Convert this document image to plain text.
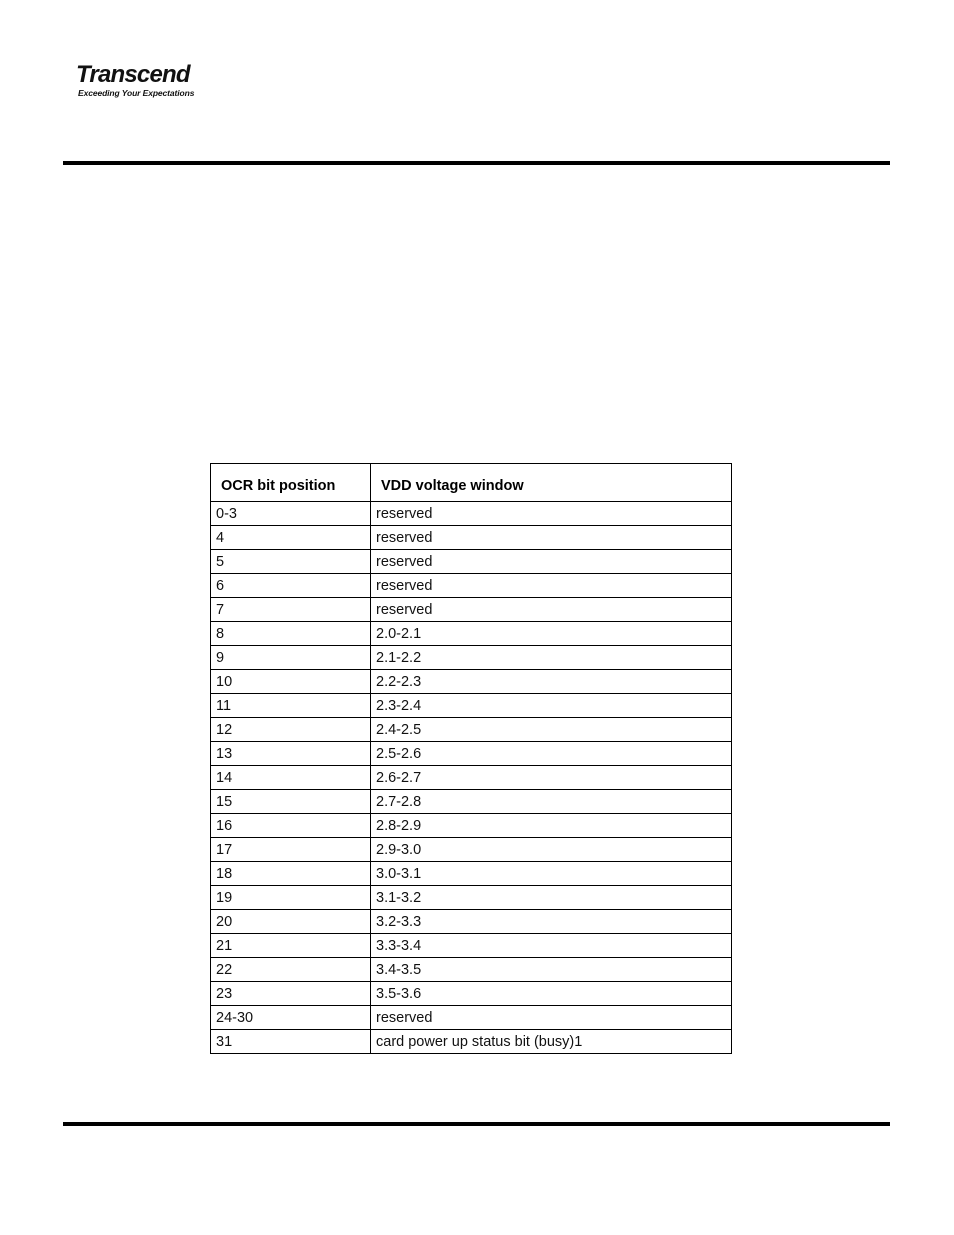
Transcend
Exceeding Your Expectations
OCR bit position	VDD voltage window
0-3	reserved
4	reserved
5	reserved
6	reserved
7	reserved
8	2.0-2.1
9	2.1-2.2
10	2.2-2.3
11	2.3-2.4
12	2.4-2.5
13	2.5-2.6
14	2.6-2.7
15	2.7-2.8
16	2.8-2.9
17	2.9-3.0
18	3.0-3.1
19	3.1-3.2
20	3.2-3.3
21	3.3-3.4
22	3.4-3.5
23	3.5-3.6
24-30	reserved
31	card power up status bit (busy)1
